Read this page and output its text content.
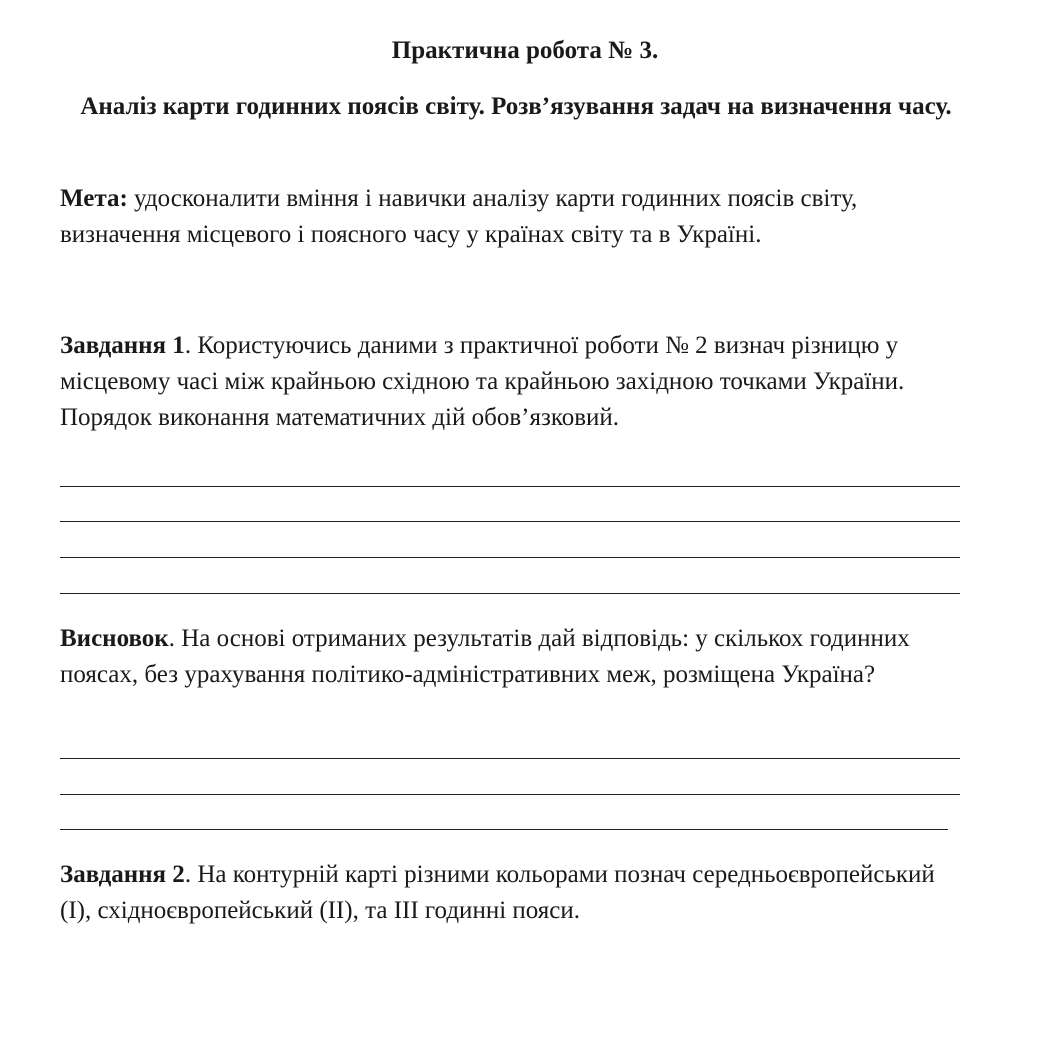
Практична робота № 3.
Аналіз карти годинних поясів світу. Розв’язування задач на визначення часу.

Мета: удосконалити вміння і навички аналізу карти годинних поясів світу, визначення місцевого і поясного часу у країнах світу та в Україні.

Завдання 1. Користуючись даними з практичної роботи № 2 визнач різницю у місцевому часі між крайньою східною та крайньою західною точками України. Порядок виконання математичних дій обов’язковий.

Висновок. На основі отриманих результатів дай відповідь: у скількох годинних поясах, без урахування політико-адміністративних меж, розміщена Україна?

Завдання 2. На контурній карті різними кольорами познач середньоєвропейський (І), східноєвропейський (ІІ), та ІІІ годинні пояси.
